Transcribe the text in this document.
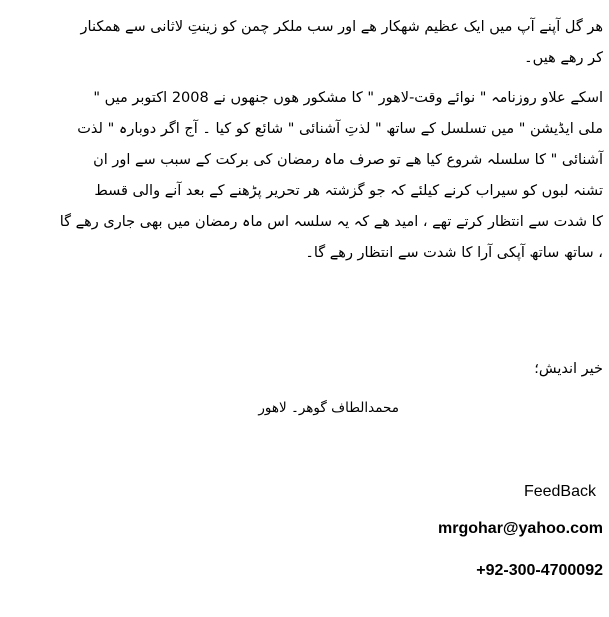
ھر گل آپنے آپ میں ایک عظیم شھکار ھے اور سب ملکر چمن کو زینتِ لاثانی سے ھمکنار
کر رھے ھیں۔
اسکے علاو روزنامہ " نوائے وقت-لاھور " کا مشکور ھوں جنھوں نے 2008 اکتوبر میں "
ملی ایڈیشن " میں تسلسل کے ساتھ " لذتِ آشنائی " شائع کو کیا ۔ آج اگر دوبارہ " لذت
آشنائی " کا سلسلہ شروع کیا ھے تو صرف ماہ رمضان کی برکت کے سبب سے اور ان
تشنہ لبوں کو سیراب کرنے کیلئے کہ جو گزشتہ ھر تحریر پڑھنے کے بعد آنے والی قسط
کا شدت سے انتظار کرتے تھے ، امید ھے کہ یہ سلسہ اس ماہ رمضان میں بھی جاری رھے گا
، ساتھ ساتھ آپکی آرا کا شدت سے انتظار رھے گا۔
خیر اندیش؛
محمدالطاف گوھر۔ لاھور
FeedBack
mrgohar@yahoo.com
+92-300-4700092
